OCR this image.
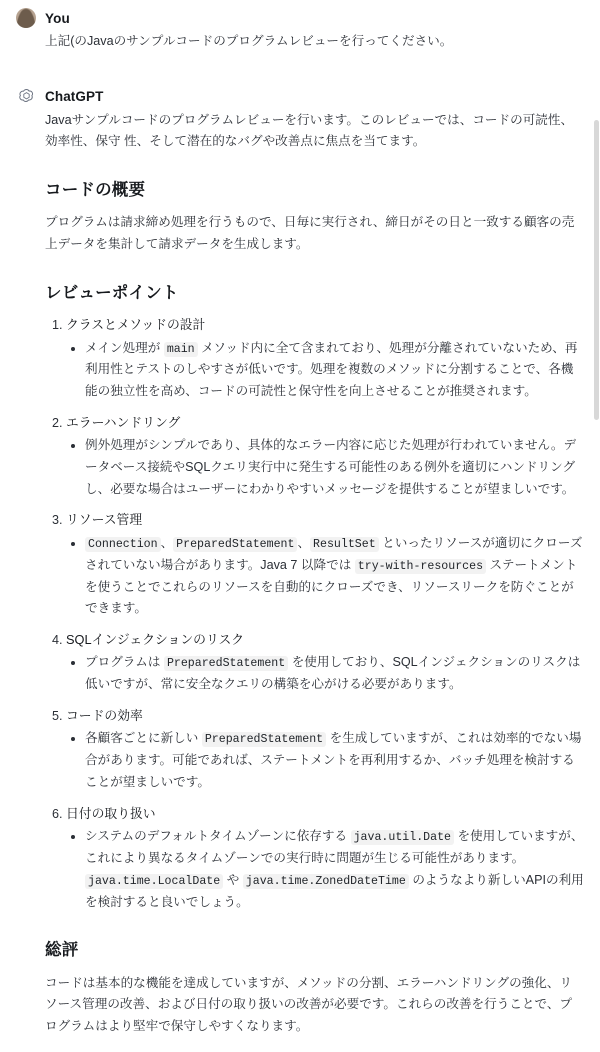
You

上記(のJavaのサンプルコードのプログラムレビューを行ってください。

ChatGPT

Javaサンプルコードのプログラムレビューを行います。このレビューでは、コードの可読性、効率性、保守 性、そして潜在的なバグや改善点に焦点を当てます。

コードの概要

プログラムは請求締め処理を行うもので、日毎に実行され、締日がその日と一致する顧客の売上データを集計して請求データを生成します。

レビューポイント
1. クラスとメソッドの設計
• メイン処理が main メソッド内に全て含まれており、処理が分離されていないため、再利用性とテストのしやすさが低いです。処理を複数のメソッドに分割することで、各機能の独立性を高め、コードの可読性と保守性を向上させることが推奨されます。
2. エラーハンドリング
• 例外処理がシンプルであり、具体的なエラー内容に応じた処理が行われていません。データベース接続やSQLクエリ実行中に発生する可能性のある例外を適切にハンドリングし、必要な場合はユーザーにわかりやすいメッセージを提供することが望ましいです。
3. リソース管理
• Connection 、 PreparedStatement 、 ResultSet といったリソースが適切にクローズされていない場合があります。Java 7 以降では try-with-resources ステートメントを使うことでこれらのリソースを自動的にクローズでき、リソースリークを防ぐことができます。
4. SQLインジェクションのリスク
• プログラムは PreparedStatement を使用しており、SQLインジェクションのリスクは低いですが、常に安全なクエリの構築を心がける必要があります。
5. コードの効率
• 各顧客ごとに新しい PreparedStatement を生成していますが、これは効率的でない場合があります。可能であれば、ステートメントを再利用するか、バッチ処理を検討することが望ましいです。
6. 日付の取り扱い
• システムのデフォルトタイムゾーンに依存する java.util.Date を使用していますが、これにより異なるタイムゾーンでの実行時に問題が生じる可能性があります。java.time.LocalDate や java.time.ZonedDateTime のようなより新しいAPIの利用を検討すると良いでしょう。
総評

コードは基本的な機能を達成していますが、メソッドの分割、エラーハンドリングの強化、リソース管理の改善、および日付の取り扱いの改善が必要です。これらの改善を行うことで、プログラムはより堅牢で保守しやすくなります。
